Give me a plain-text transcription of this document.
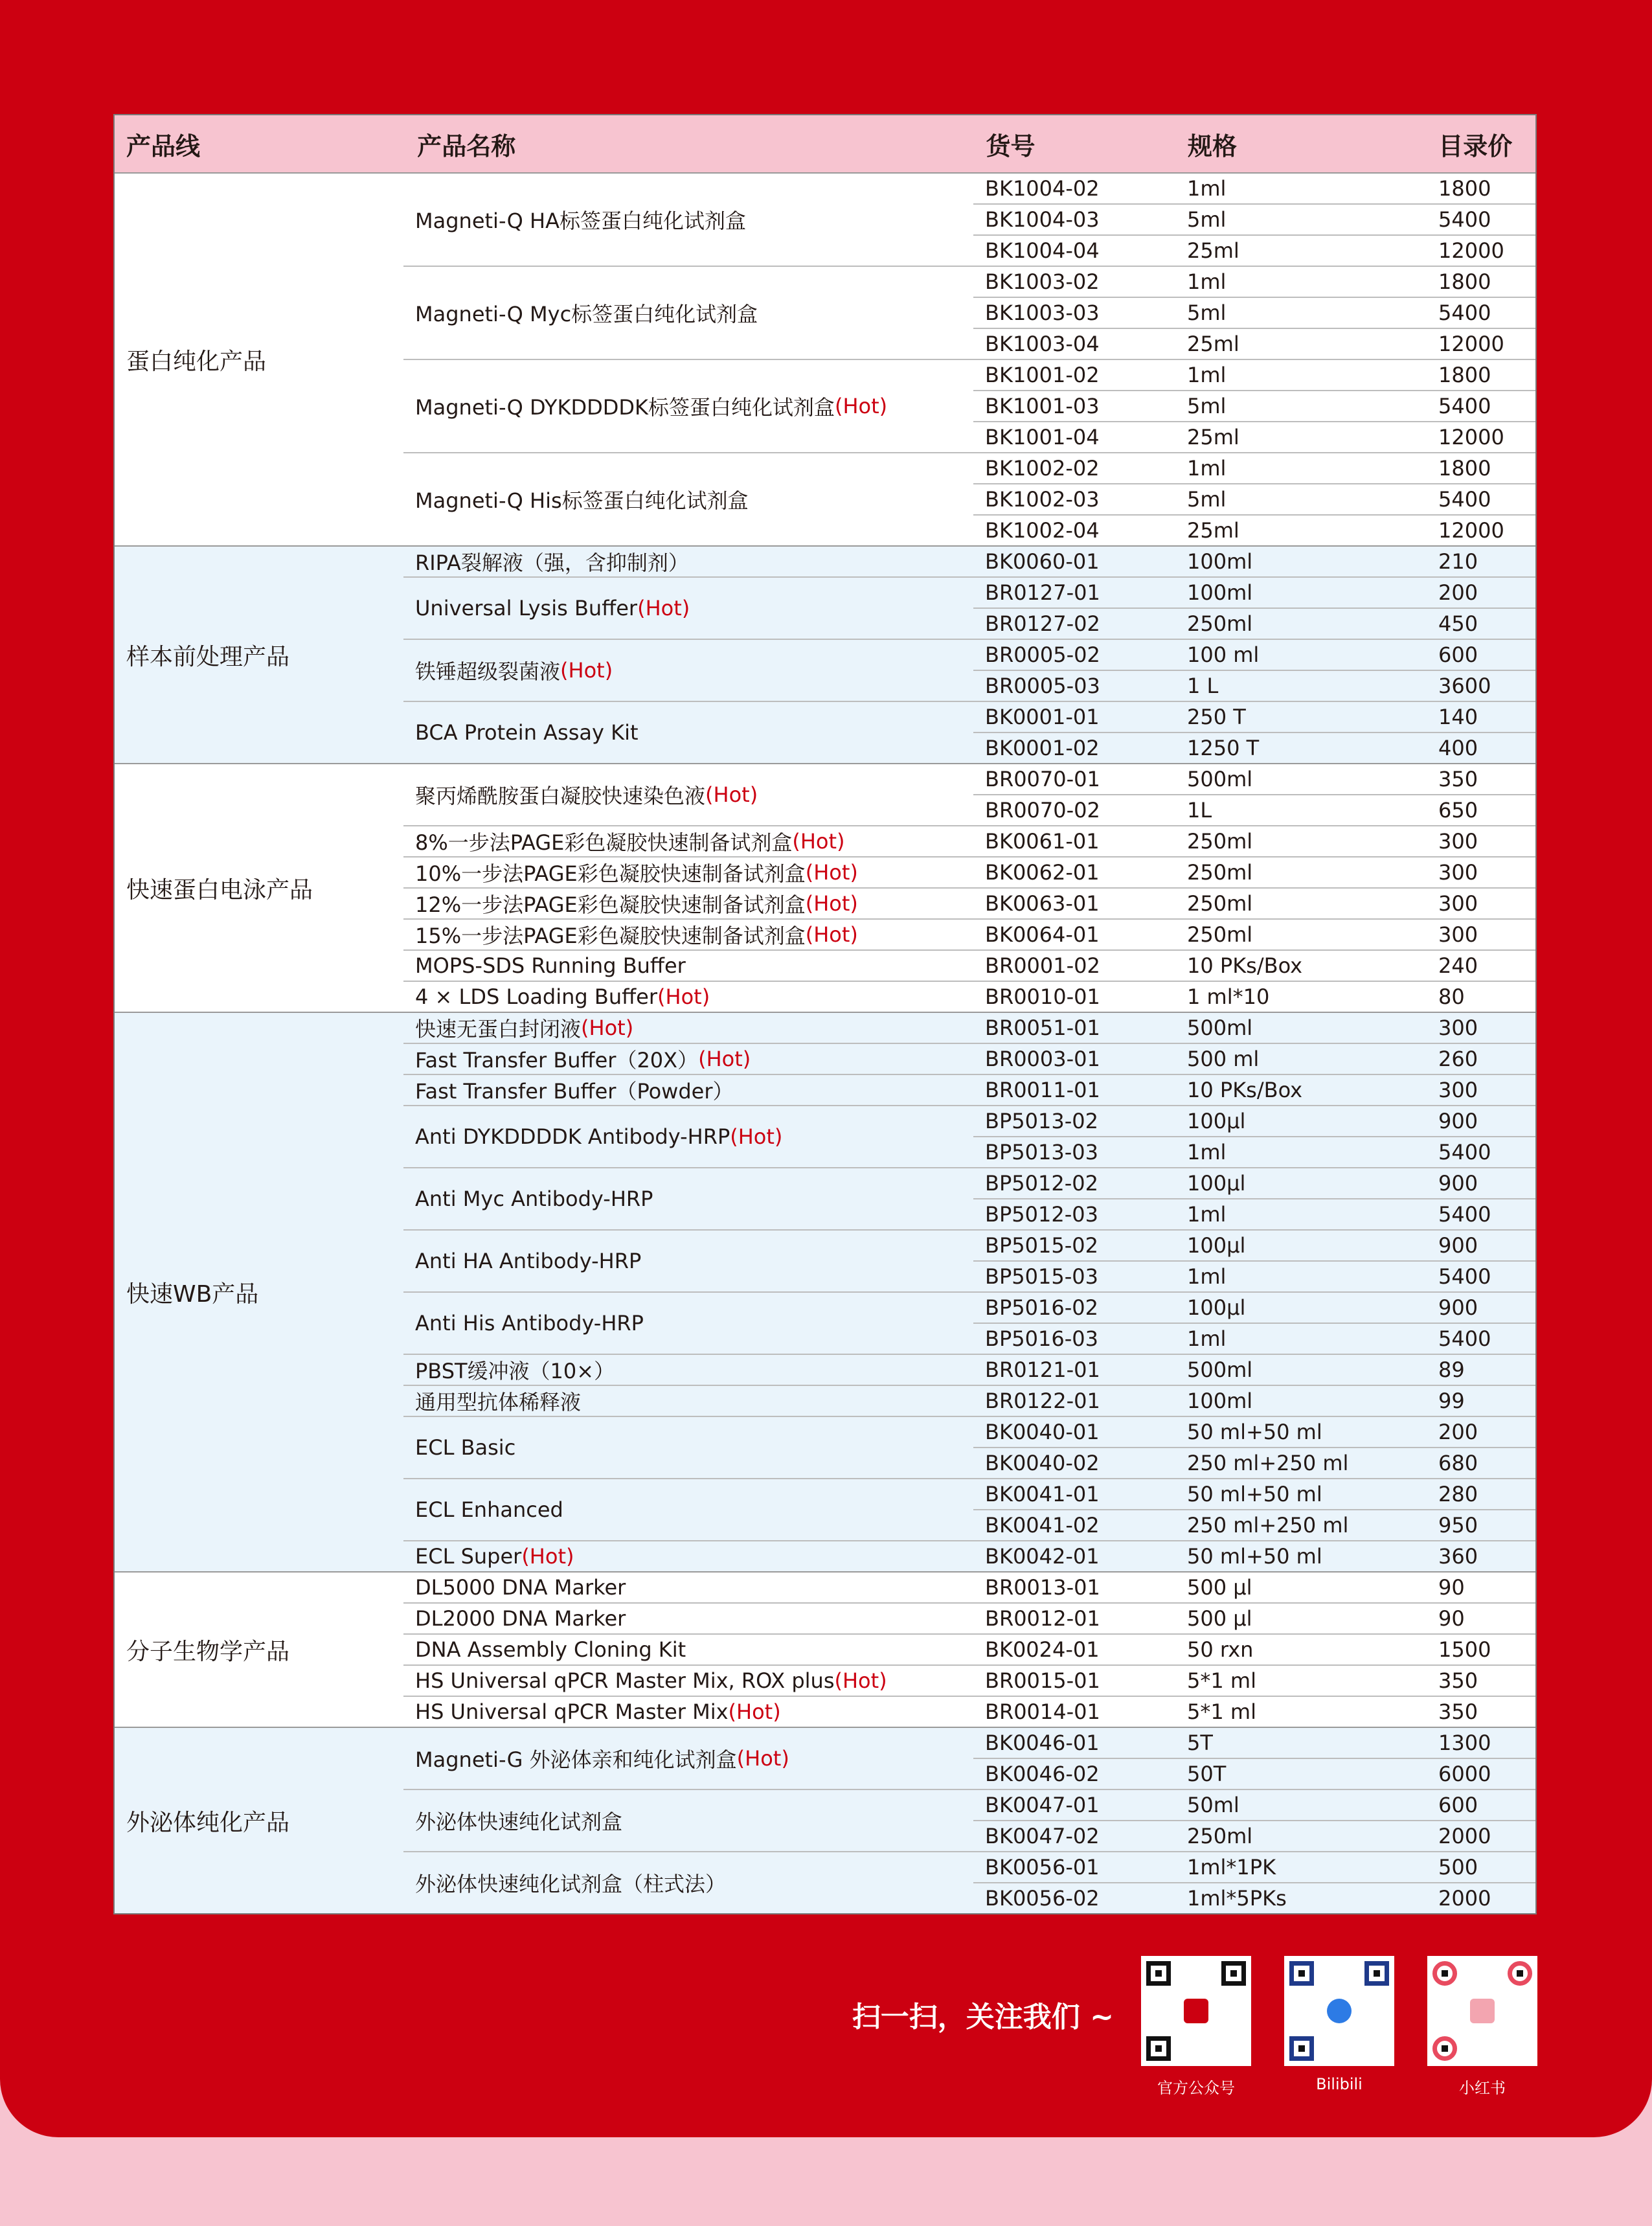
产品线	产品名称	货号	规格	目录价
蛋白纯化产品
Magneti-Q HA标签蛋白纯化试剂盒
BK1004-02	1ml	1800
BK1004-03	5ml	5400
BK1004-04	25ml	12000
Magneti-Q Myc标签蛋白纯化试剂盒
BK1003-02	1ml	1800
BK1003-03	5ml	5400
BK1003-04	25ml	12000
Magneti-Q DYKDDDDK标签蛋白纯化试剂盒 (Hot)
BK1001-02	1ml	1800
BK1001-03	5ml	5400
BK1001-04	25ml	12000
Magneti-Q His标签蛋白纯化试剂盒
BK1002-02	1ml	1800
BK1002-03	5ml	5400
BK1002-04	25ml	12000
样本前处理产品
RIPA裂解液（强，含抑制剂）	BK0060-01	100ml	210
Universal Lysis Buffer (Hot)
BR0127-01	100ml	200
BR0127-02	250ml	450
铁锤超级裂菌液 (Hot)
BR0005-02	100 ml	600
BR0005-03	1 L	3600
BCA Protein Assay Kit
BK0001-01	250 T	140
BK0001-02	1250 T	400
快速蛋白电泳产品
聚丙烯酰胺蛋白凝胶快速染色液 (Hot)
BR0070-01	500ml	350
BR0070-02	1L	650
8%一步法PAGE彩色凝胶快速制备试剂盒 (Hot)	BK0061-01	250ml	300
10%一步法PAGE彩色凝胶快速制备试剂盒 (Hot)	BK0062-01	250ml	300
12%一步法PAGE彩色凝胶快速制备试剂盒 (Hot)	BK0063-01	250ml	300
15%一步法PAGE彩色凝胶快速制备试剂盒 (Hot)	BK0064-01	250ml	300
MOPS-SDS Running Buffer	BR0001-02	10 PKs/Box	240
4 × LDS Loading Buffer (Hot)	BR0010-01	1 ml*10	80
快速WB产品
快速无蛋白封闭液 (Hot)	BR0051-01	500ml	300
Fast Transfer Buffer（20X） (Hot)	BR0003-01	500 ml	260
Fast Transfer Buffer（Powder）	BR0011-01	10 PKs/Box	300
Anti DYKDDDDK Antibody-HRP (Hot)
BP5013-02	100μl	900
BP5013-03	1ml	5400
Anti Myc Antibody-HRP
BP5012-02	100μl	900
BP5012-03	1ml	5400
Anti HA Antibody-HRP
BP5015-02	100μl	900
BP5015-03	1ml	5400
Anti His Antibody-HRP
BP5016-02	100μl	900
BP5016-03	1ml	5400
PBST缓冲液（10×）	BR0121-01	500ml	89
通用型抗体稀释液	BR0122-01	100ml	99
ECL Basic
BK0040-01	50 ml+50 ml	200
BK0040-02	250 ml+250 ml	680
ECL Enhanced
BK0041-01	50 ml+50 ml	280
BK0041-02	250 ml+250 ml	950
ECL Super (Hot)	BK0042-01	50 ml+50 ml	360
分子生物学产品
DL5000 DNA Marker	BR0013-01	500 μl	90
DL2000 DNA Marker	BR0012-01	500 μl	90
DNA Assembly Cloning Kit	BK0024-01	50 rxn	1500
HS Universal qPCR Master Mix, ROX plus (Hot)	BR0015-01	5*1 ml	350
HS Universal qPCR Master Mix (Hot)	BR0014-01	5*1 ml	350
外泌体纯化产品
Magneti-G 外泌体亲和纯化试剂盒 (Hot)
BK0046-01	5T	1300
BK0046-02	50T	6000
外泌体快速纯化试剂盒
BK0047-01	50ml	600
BK0047-02	250ml	2000
外泌体快速纯化试剂盒（柱式法）
BK0056-01	1ml*1PK	500
BK0056-02	1ml*5PKs	2000
扫一扫，关注我们 ~
官方公众号	Bilibili	小红书
